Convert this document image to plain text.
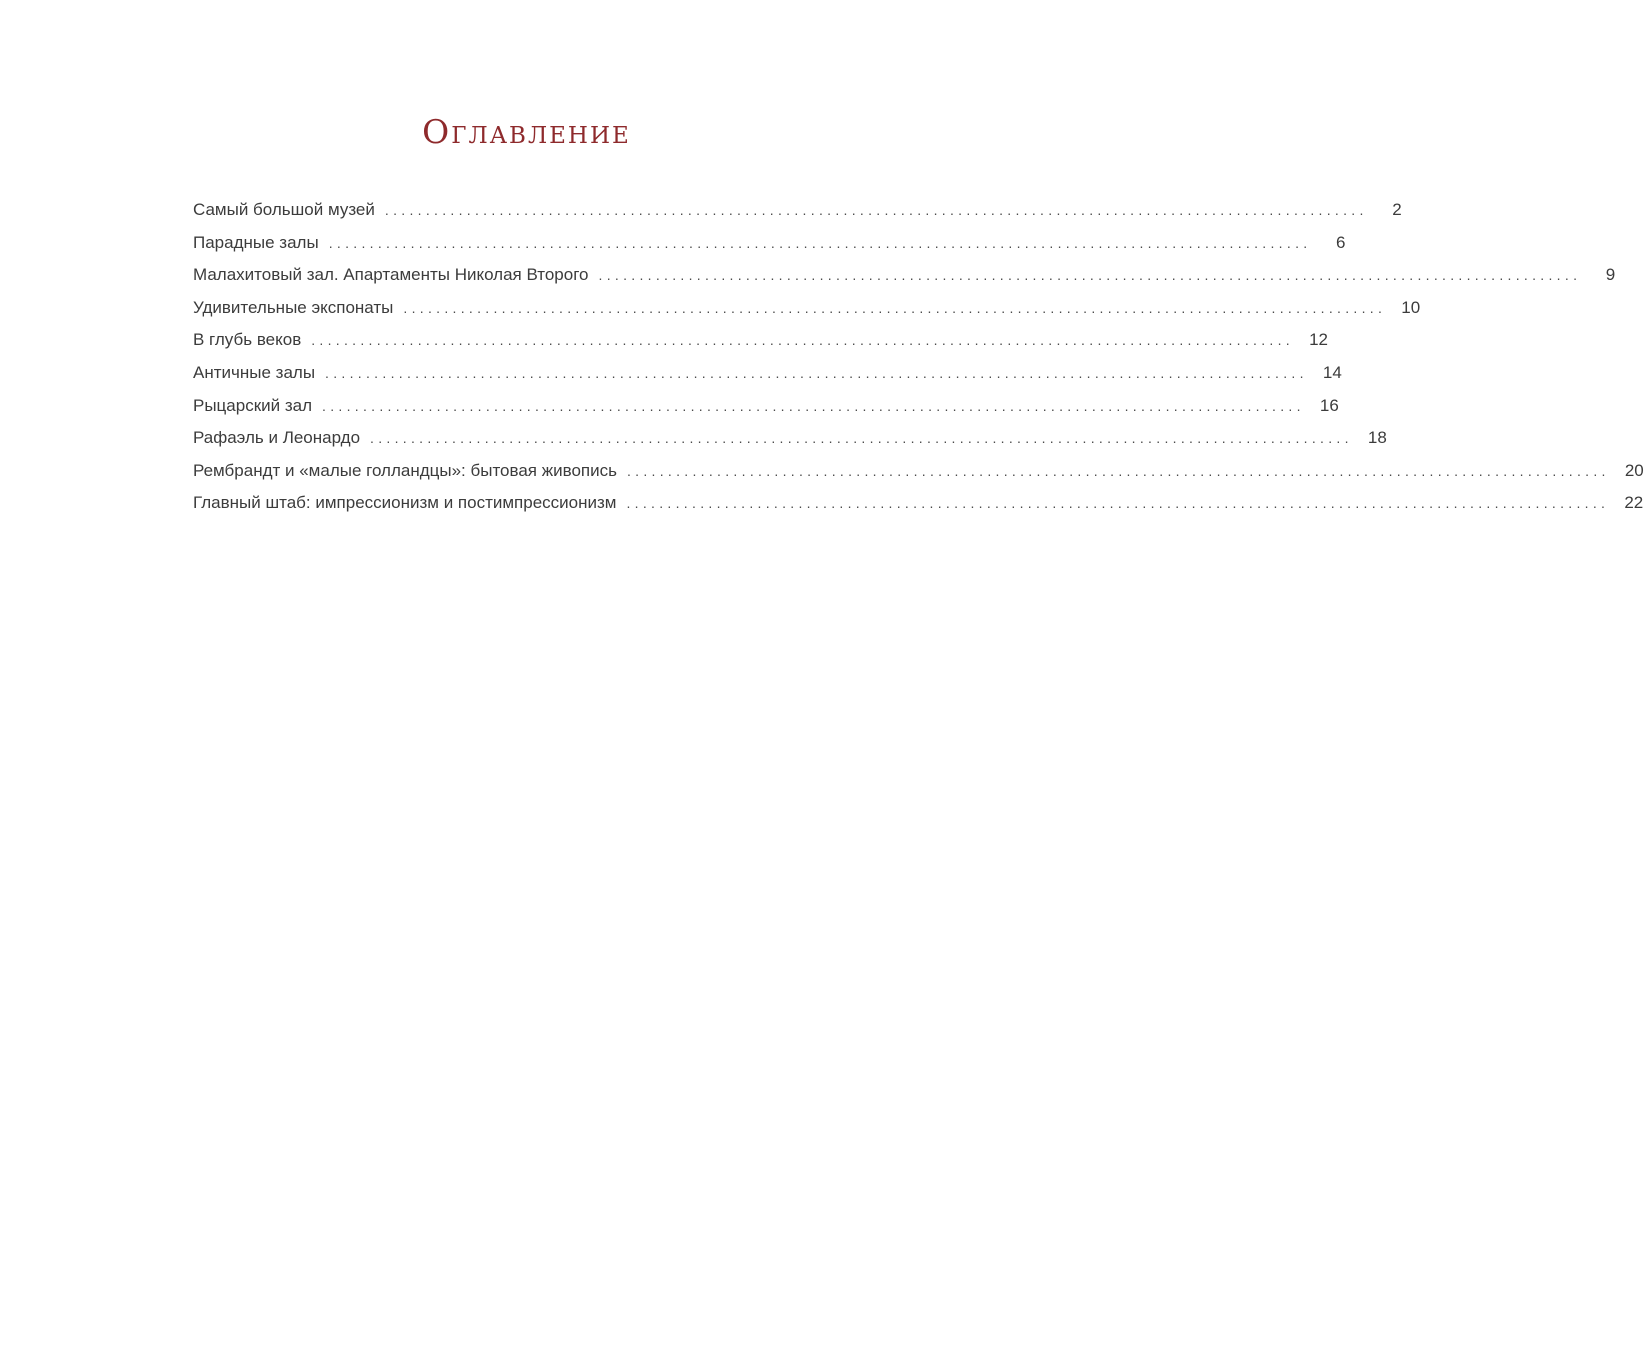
Оглавление
Самый большой музей ........................................................................................................................	2
Парадные залы ........................................................................................................................	6
Малахитовый зал. Апартаменты Николая Второго ........................................................................................................................	9
Удивительные экспонаты ........................................................................................................................ 10
В глубь веков ........................................................................................................................ 12
Античные залы ........................................................................................................................ 14
Рыцарский зал ........................................................................................................................ 16
Рафаэль и Леонардо ........................................................................................................................ 18
Рембрандт и «малые голландцы»: бытовая живопись ........................................................................................................................ 20
Главный штаб: импрессионизм и постимпрессионизм ........................................................................................................................ 22
